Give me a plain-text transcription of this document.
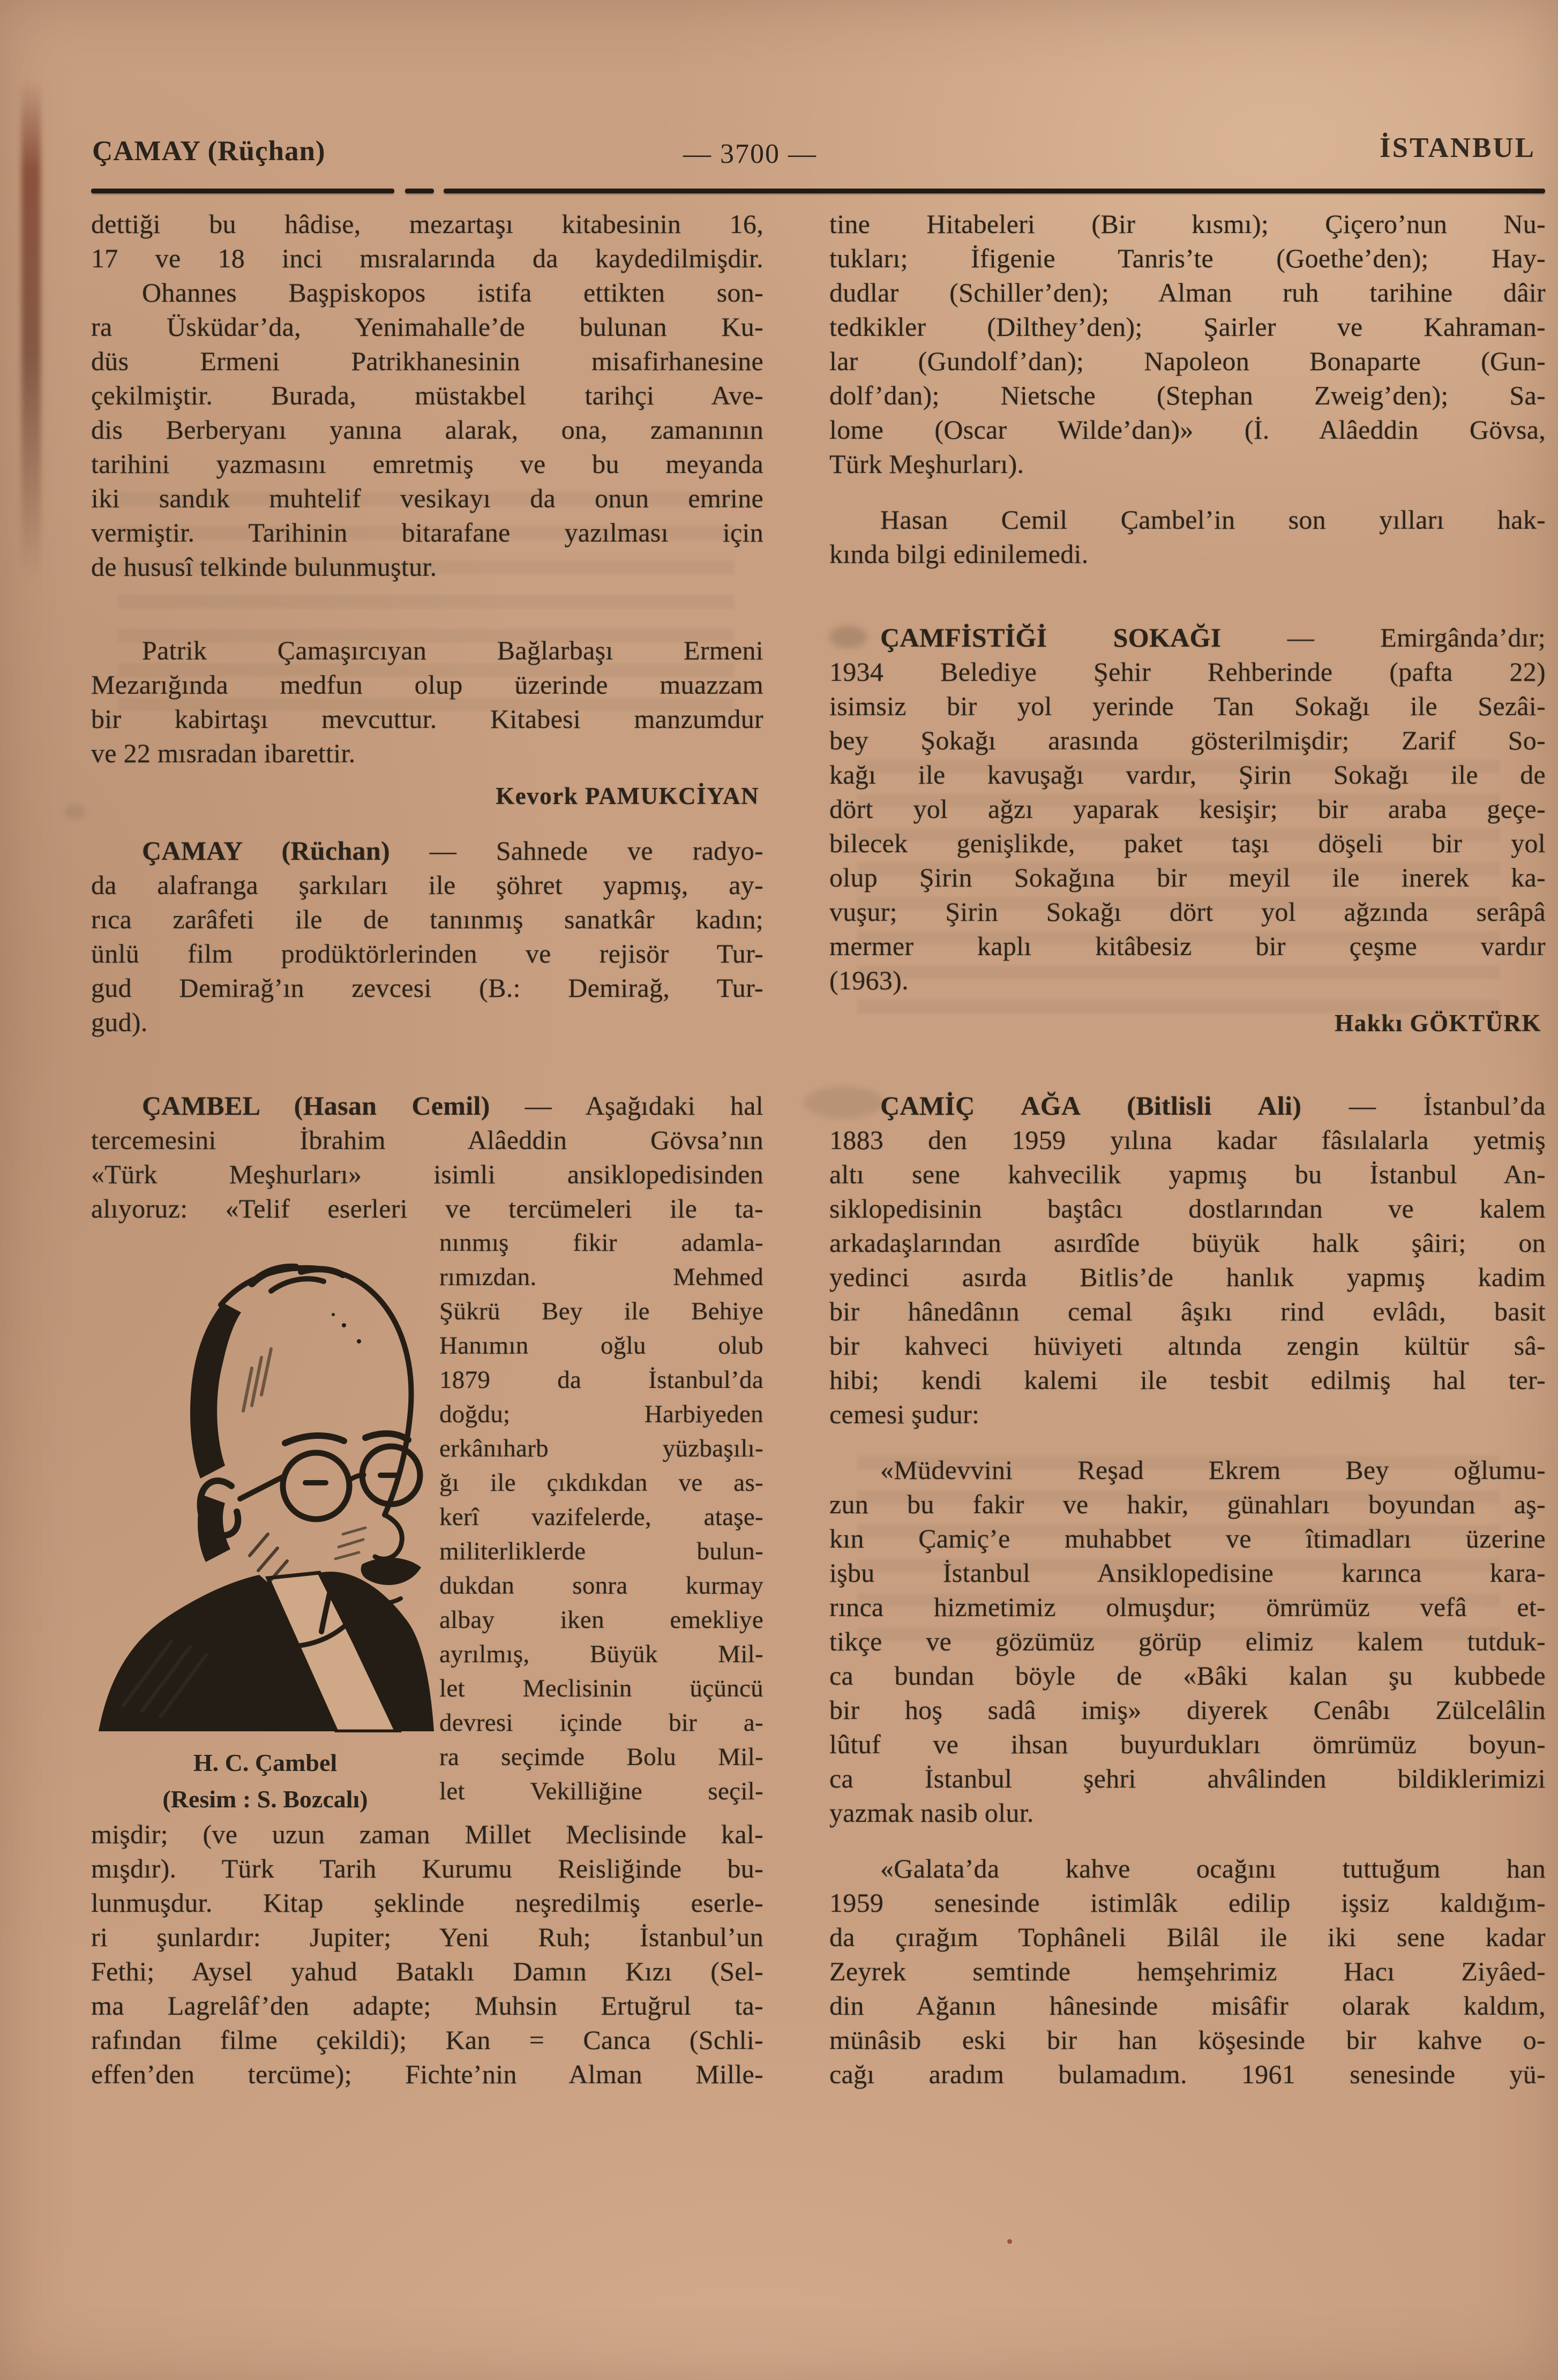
ÇAMAY (Rüçhan)	— 3700 —	İSTANBUL
dettiği bu hâdise, mezartaşı kitabesinin 16,
17 ve 18 inci mısralarında da kaydedilmişdir.
Ohannes Başpiskopos istifa ettikten son-
ra Üsküdar’da, Yenimahalle’de bulunan Ku-
düs Ermeni Patrikhanesinin misafirhanesine
çekilmiştir. Burada, müstakbel tarihçi Ave-
dis Berberyanı yanına alarak, ona, zamanının
tarihini yazmasını emretmiş ve bu meyanda
iki sandık muhtelif vesikayı da onun emrine
vermiştir. Tarihinin bitarafane yazılması için
de hususî telkinde bulunmuştur.
Patrik Çamaşırcıyan Bağlarbaşı Ermeni
Mezarığında medfun olup üzerinde muazzam
bir kabirtaşı mevcuttur. Kitabesi manzumdur
ve 22 mısradan ibarettir.
Kevork PAMUKCİYAN
ÇAMAY (Rüchan) — Sahnede ve radyo-
da alafranga şarkıları ile şöhret yapmış, ay-
rıca zarâfeti ile de tanınmış sanatkâr kadın;
ünlü film prodüktörlerinden ve rejisör Tur-
gud Demirağ’ın zevcesi (B.: Demirağ, Tur-
gud).
ÇAMBEL (Hasan Cemil) — Aşağıdaki hal
tercemesini İbrahim Alâeddin Gövsa’nın
«Türk Meşhurları» isimli ansiklopedisinden
alıyoruz: «Telif eserleri ve tercümeleri ile ta-
H. C. Çambel
(Resim : S. Bozcalı)
nınmış fikir adamla-
rımızdan. Mehmed
Şükrü Bey ile Behiye
Hanımın oğlu olub
1879 da İstanbul’da
doğdu; Harbiyeden
erkânıharb yüzbaşılı-
ğı ile çıkdıkdan ve as-
kerî vazifelerde, ataşe-
militerliklerde bulun-
dukdan sonra kurmay
albay iken emekliye
ayrılmış, Büyük Mil-
let Meclisinin üçüncü
devresi içinde bir a-
ra seçimde Bolu Mil-
let Vekilliğine seçil-
mişdir; (ve uzun zaman Millet Meclisinde kal-
mışdır). Türk Tarih Kurumu Reisliğinde bu-
lunmuşdur. Kitap şeklinde neşredilmiş eserle-
ri şunlardır: Jupiter; Yeni Ruh; İstanbul’un
Fethi; Aysel yahud Bataklı Damın Kızı (Sel-
ma Lagrelâf’den adapte; Muhsin Ertuğrul ta-
rafından filme çekildi); Kan = Canca (Schli-
effen’den tercüme); Fichte’nin Alman Mille-
tine Hitabeleri (Bir kısmı); Çiçero’nun Nu-
tukları; İfigenie Tanris’te (Goethe’den); Hay-
dudlar (Schiller’den); Alman ruh tarihine dâir
tedkikler (Dilthey’den); Şairler ve Kahraman-
lar (Gundolf’dan); Napoleon Bonaparte (Gun-
dolf’dan); Nietsche (Stephan Zweig’den); Sa-
lome (Oscar Wilde’dan)» (İ. Alâeddin Gövsa,
Türk Meşhurları).
Hasan Cemil Çambel’in son yılları hak-
kında bilgi edinilemedi.
ÇAMFİSTİĞİ SOKAĞI — Emirgânda’dır;
1934 Belediye Şehir Rehberinde (pafta 22)
isimsiz bir yol yerinde Tan Sokağı ile Sezâi-
bey Şokağı arasında gösterilmişdir; Zarif So-
kağı ile kavuşağı vardır, Şirin Sokağı ile de
dört yol ağzı yaparak kesişir; bir araba geçe-
bilecek genişlikde, paket taşı döşeli bir yol
olup Şirin Sokağına bir meyil ile inerek ka-
vuşur; Şirin Sokağı dört yol ağzında serâpâ
mermer kaplı kitâbesiz bir çeşme vardır
(1963).
Hakkı GÖKTÜRK
ÇAMİÇ AĞA (Bitlisli Ali) — İstanbul’da
1883 den 1959 yılına kadar fâsılalarla yetmiş
altı sene kahvecilik yapmış bu İstanbul An-
siklopedisinin baştâcı dostlarından ve kalem
arkadaşlarından asırdîde büyük halk şâiri; on
yedinci asırda Bitlis’de hanlık yapmış kadim
bir hânedânın cemal âşıkı rind evlâdı, basit
bir kahveci hüviyeti altında zengin kültür sâ-
hibi; kendi kalemi ile tesbit edilmiş hal ter-
cemesi şudur:
«Müdevvini Reşad Ekrem Bey oğlumu-
zun bu fakir ve hakir, günahları boyundan aş-
kın Çamiç’e muhabbet ve îtimadları üzerine
işbu İstanbul Ansiklopedisine karınca kara-
rınca hizmetimiz olmuşdur; ömrümüz vefâ et-
tikçe ve gözümüz görüp elimiz kalem tutduk-
ca bundan böyle de «Bâki kalan şu kubbede
bir hoş sadâ imiş» diyerek Cenâbı Zülcelâlin
lûtuf ve ihsan buyurdukları ömrümüz boyun-
ca İstanbul şehri ahvâlinden bildiklerimizi
yazmak nasib olur.
«Galata’da kahve ocağını tuttuğum han
1959 senesinde istimlâk edilip işsiz kaldığım-
da çırağım Tophâneli Bilâl ile iki sene kadar
Zeyrek semtinde hemşehrimiz Hacı Ziyâed-
din Ağanın hânesinde misâfir olarak kaldım,
münâsib eski bir han köşesinde bir kahve o-
cağı aradım bulamadım. 1961 senesinde yü-
